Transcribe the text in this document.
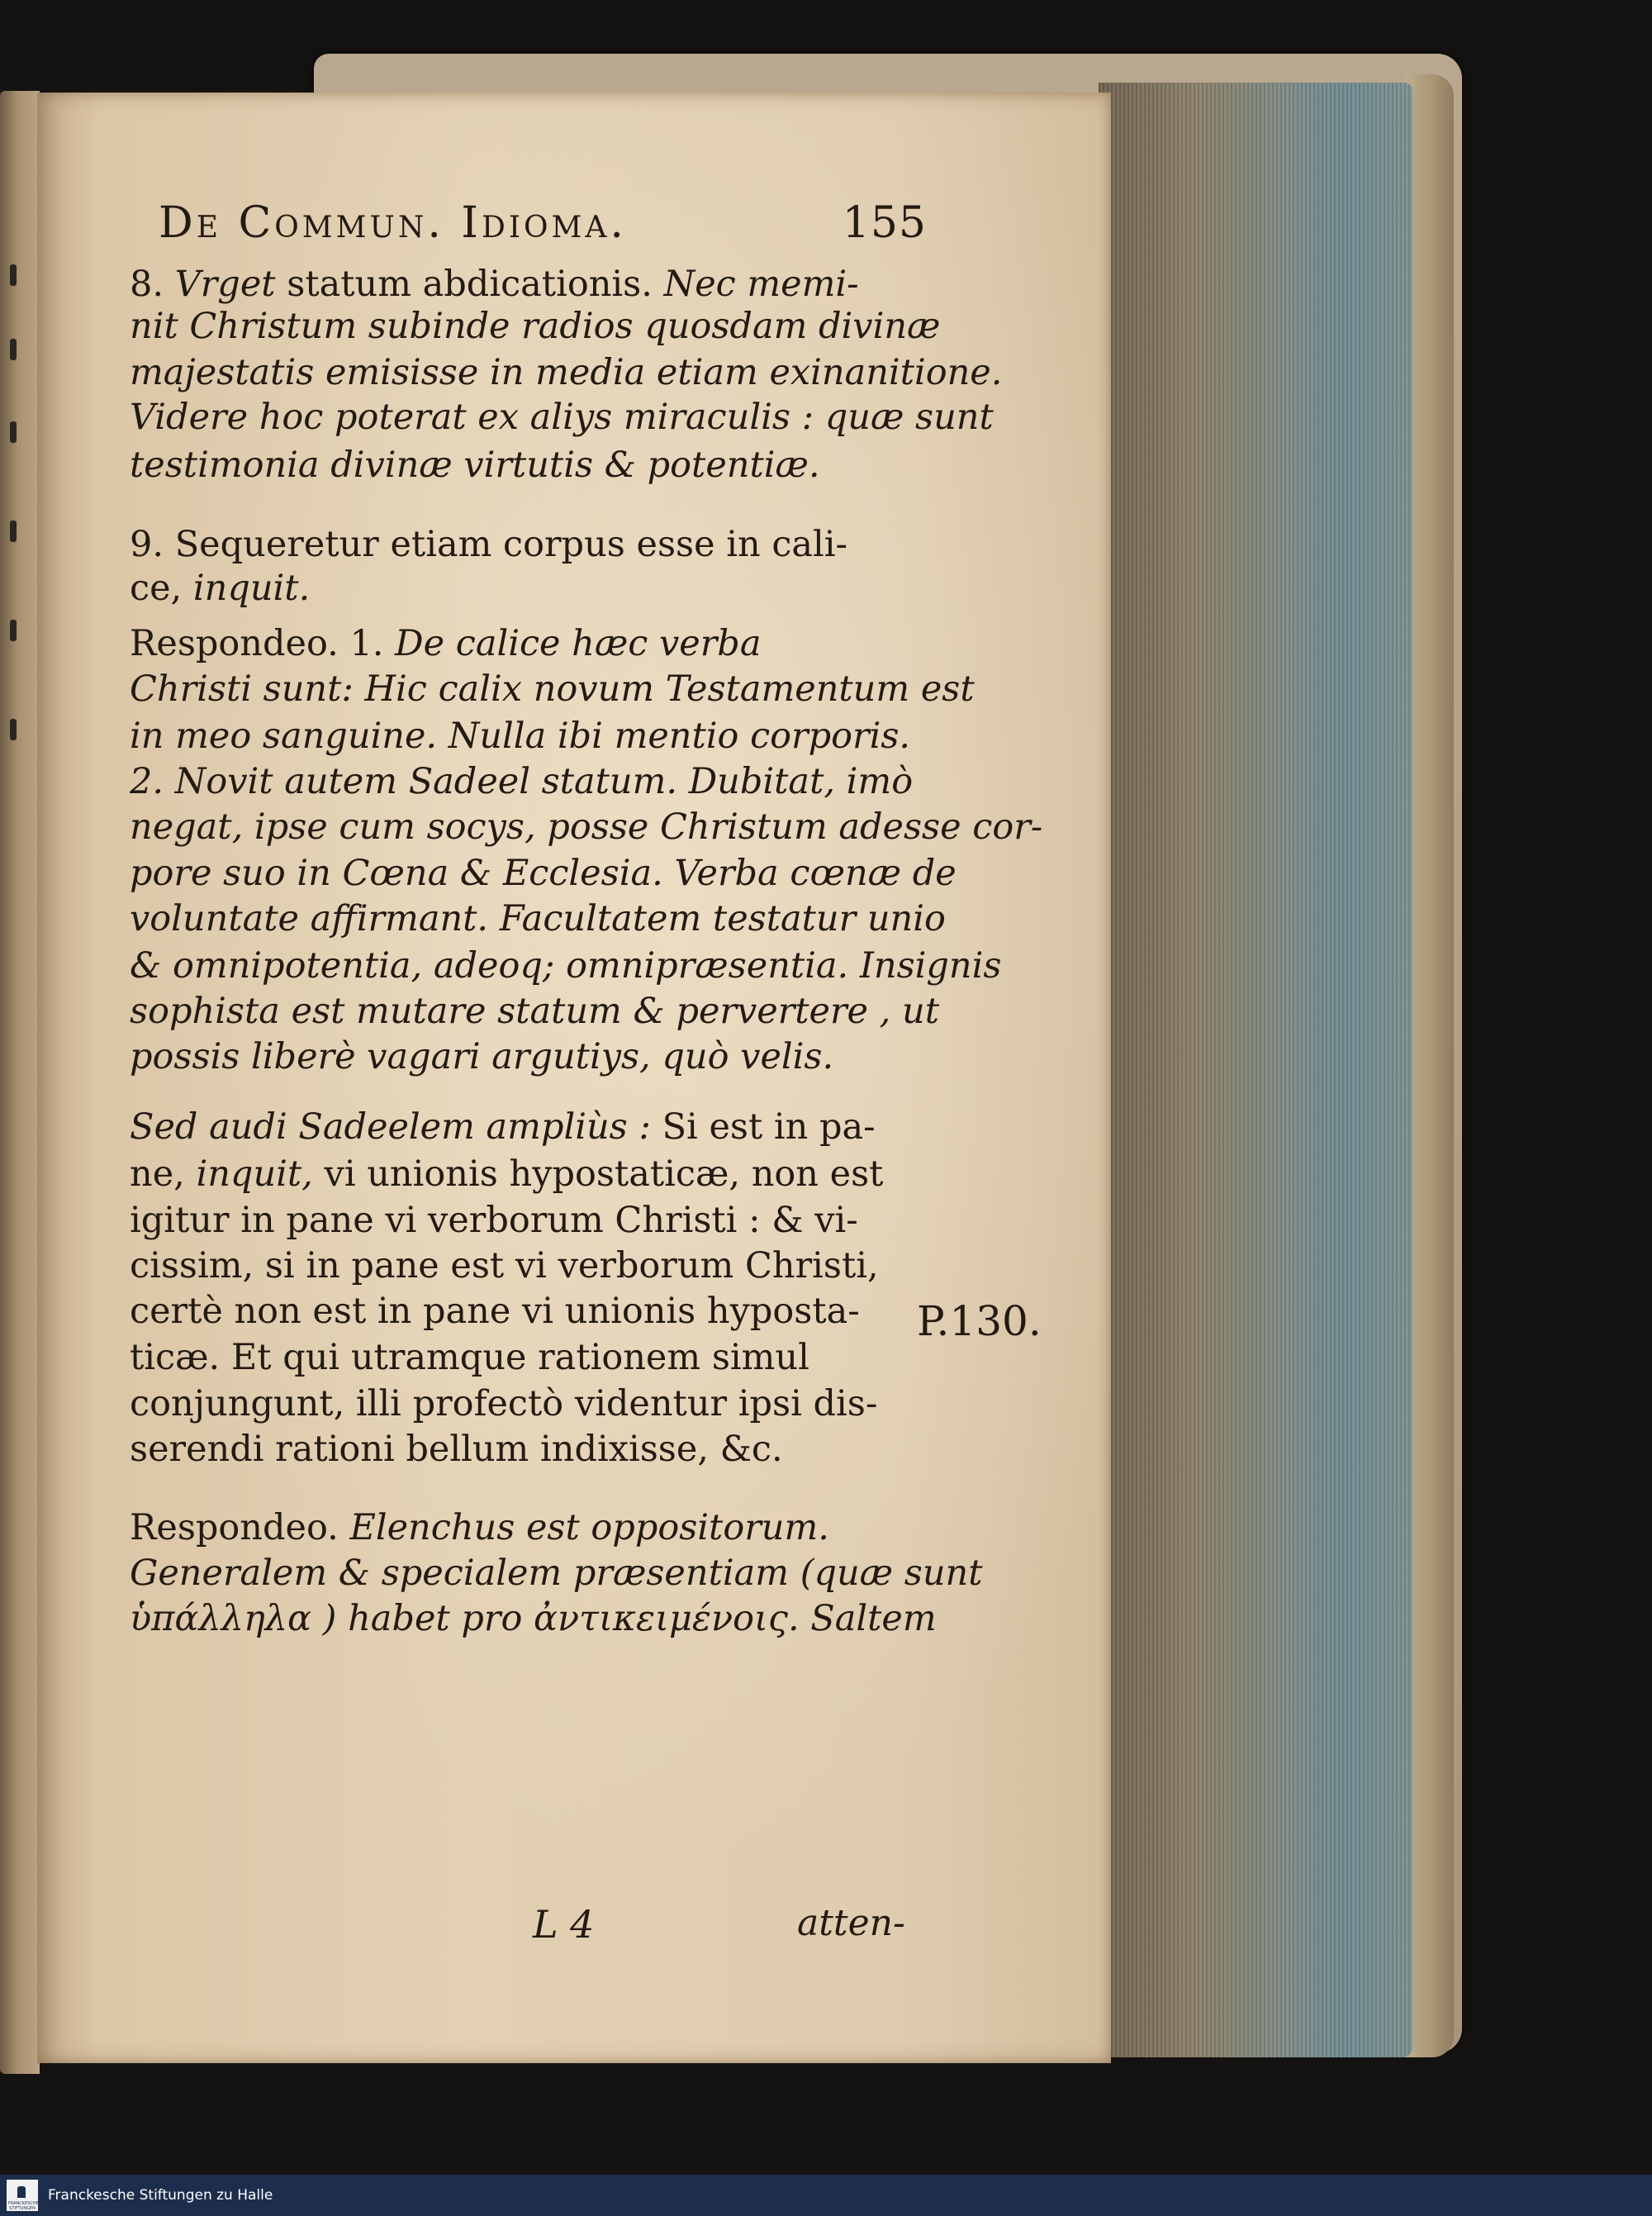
De Commun. Idioma.	155
8. Vrget statum abdicationis. Nec memi-
nit Christum subinde radios quosdam divinæ
majestatis emisisse in media etiam exinanitione.
Videre hoc poterat ex aliys miraculis : quæ sunt
testimonia divinæ virtutis & potentiæ.
9. Sequeretur etiam corpus esse in cali-
ce, inquit.
Respondeo. 1. De calice hæc verba
Christi sunt: Hic calix novum Testamentum est
in meo sanguine. Nulla ibi mentio corporis.
2. Novit autem Sadeel statum. Dubitat, imò
negat, ipse cum socys, posse Christum adesse cor-
pore suo in Cœna & Ecclesia. Verba cœnæ de
voluntate affirmant. Facultatem testatur unio
& omnipotentia, adeoq; omnipræsentia. Insignis
sophista est mutare statum & pervertere , ut
possis liberè vagari argutiys, quò velis.
Sed audi Sadeelem ampliùs : Si est in pa-
ne, inquit, vi unionis hypostaticæ, non est
igitur in pane vi verborum Christi : & vi-
cissim, si in pane est vi verborum Christi,
certè non est in pane vi unionis hyposta-
ticæ. Et qui utramque rationem simul
conjungunt, illi profectò videntur ipsi dis-
serendi rationi bellum indixisse, &c.
Respondeo. Elenchus est oppositorum.
Generalem & specialem præsentiam (quæ sunt
ὑπάλληλα ) habet pro ἀντικειμένοις. Saltem
P.130.
L 4	atten-
FRANCKESCHE STIFTUNGEN
Franckesche Stiftungen zu Halle
